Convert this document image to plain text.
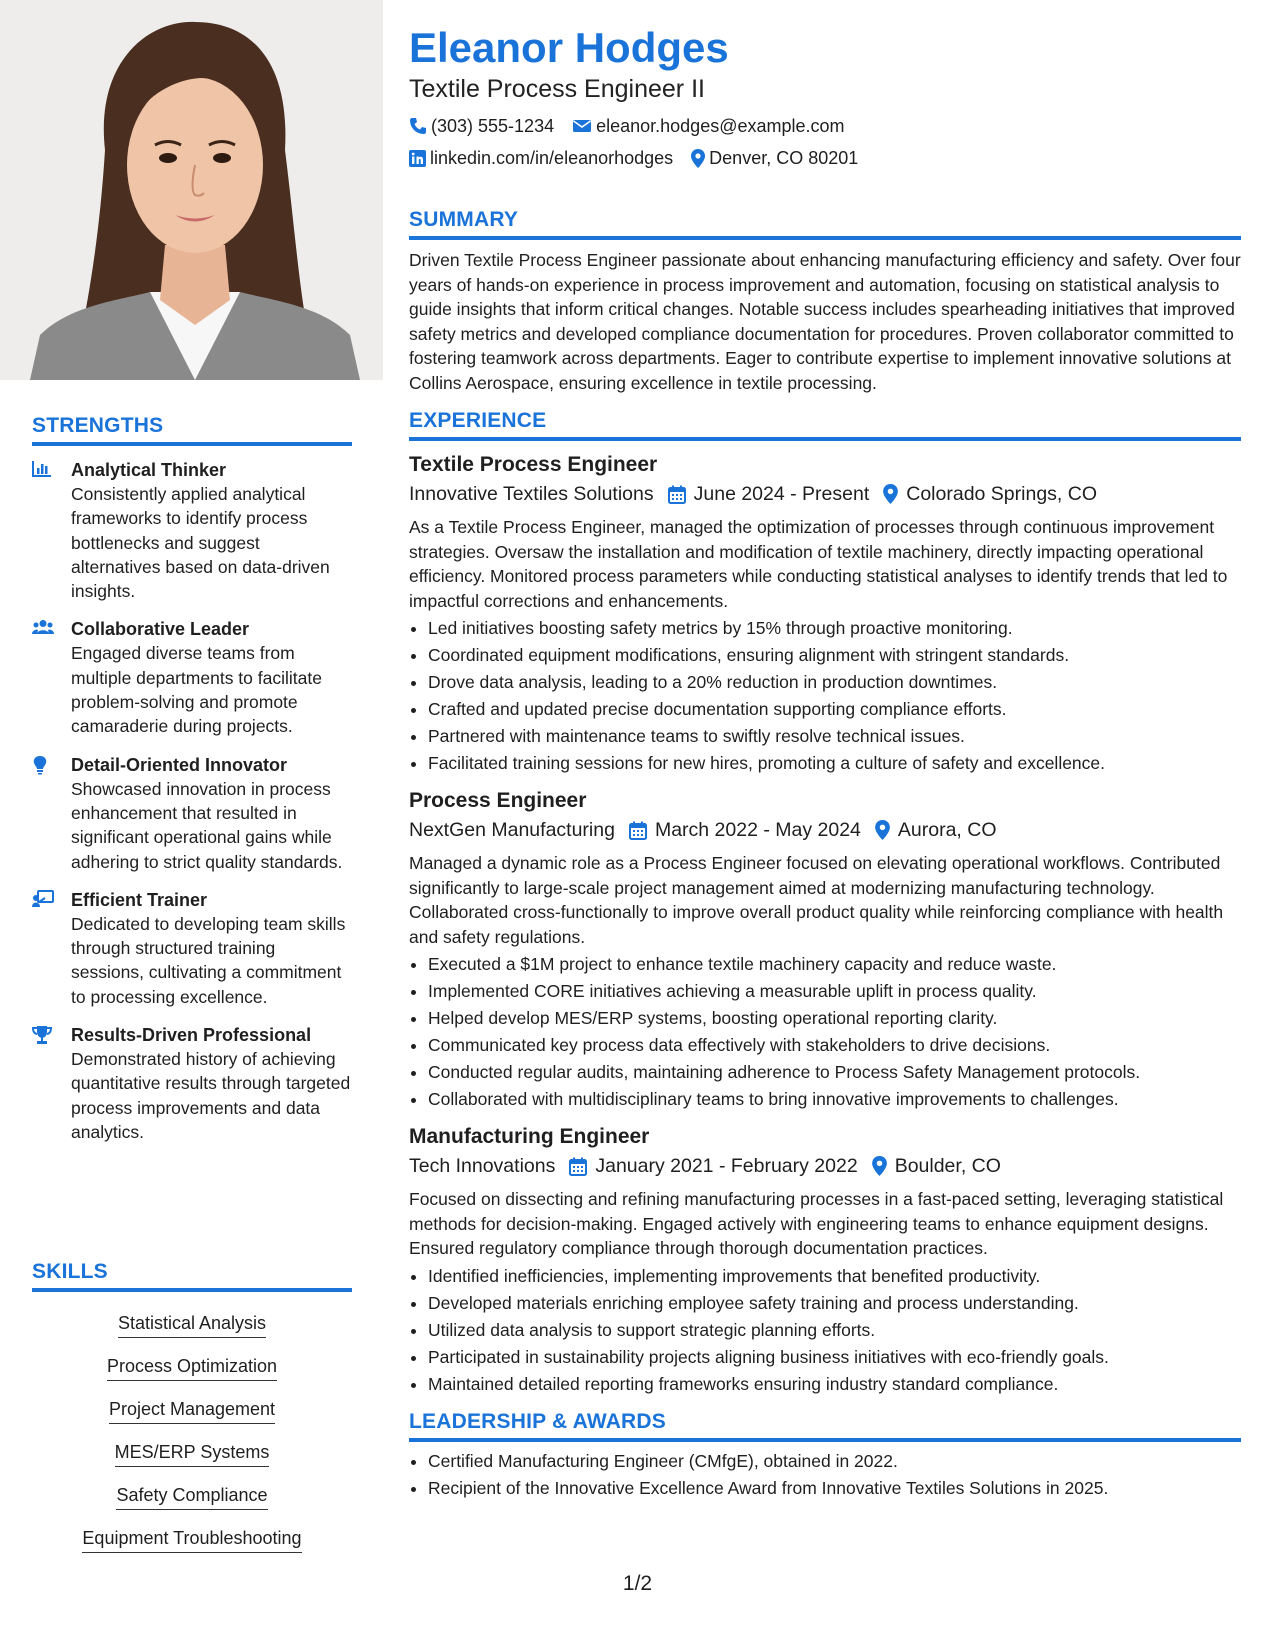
STRENGTHS
Analytical Thinker
Consistently applied analytical frameworks to identify process bottlenecks and suggest alternatives based on data-driven insights.
Collaborative Leader
Engaged diverse teams from multiple departments to facilitate problem-solving and promote camaraderie during projects.
Detail-Oriented Innovator
Showcased innovation in process enhancement that resulted in significant operational gains while adhering to strict quality standards.
Efficient Trainer
Dedicated to developing team skills through structured training sessions, cultivating a commitment to processing excellence.
Results-Driven Professional
Demonstrated history of achieving quantitative results through targeted process improvements and data analytics.
SKILLS
Statistical Analysis
Process Optimization
Project Management
MES/ERP Systems
Safety Compliance
Equipment Troubleshooting
Eleanor Hodges
Textile Process Engineer II
(303) 555-1234 eleanor.hodges@example.com
linkedin.com/in/eleanorhodges Denver, CO 80201
SUMMARY

Driven Textile Process Engineer passionate about enhancing manufacturing efficiency and safety. Over four years of hands-on experience in process improvement and automation, focusing on statistical analysis to guide insights that inform critical changes. Notable success includes spearheading initiatives that improved safety metrics and developed compliance documentation for procedures. Proven collaborator committed to fostering teamwork across departments. Eager to contribute expertise to implement innovative solutions at Collins Aerospace, ensuring excellence in textile processing.

EXPERIENCE
Textile Process Engineer
Innovative Textiles Solutions June 2024 - Present Colorado Springs, CO
As a Textile Process Engineer, managed the optimization of processes through continuous improvement strategies. Oversaw the installation and modification of textile machinery, directly impacting operational efficiency. Monitored process parameters while conducting statistical analyses to identify trends that led to impactful corrections and enhancements.
• Led initiatives boosting safety metrics by 15% through proactive monitoring.
• Coordinated equipment modifications, ensuring alignment with stringent standards.
• Drove data analysis, leading to a 20% reduction in production downtimes.
• Crafted and updated precise documentation supporting compliance efforts.
• Partnered with maintenance teams to swiftly resolve technical issues.
• Facilitated training sessions for new hires, promoting a culture of safety and excellence.
Process Engineer
NextGen Manufacturing March 2022 - May 2024 Aurora, CO
Managed a dynamic role as a Process Engineer focused on elevating operational workflows. Contributed significantly to large-scale project management aimed at modernizing manufacturing technology. Collaborated cross-functionally to improve overall product quality while reinforcing compliance with health and safety regulations.
• Executed a $1M project to enhance textile machinery capacity and reduce waste.
• Implemented CORE initiatives achieving a measurable uplift in process quality.
• Helped develop MES/ERP systems, boosting operational reporting clarity.
• Communicated key process data effectively with stakeholders to drive decisions.
• Conducted regular audits, maintaining adherence to Process Safety Management protocols.
• Collaborated with multidisciplinary teams to bring innovative improvements to challenges.
Manufacturing Engineer
Tech Innovations January 2021 - February 2022 Boulder, CO
Focused on dissecting and refining manufacturing processes in a fast-paced setting, leveraging statistical methods for decision-making. Engaged actively with engineering teams to enhance equipment designs. Ensured regulatory compliance through thorough documentation practices.
• Identified inefficiencies, implementing improvements that benefited productivity.
• Developed materials enriching employee safety training and process understanding.
• Utilized data analysis to support strategic planning efforts.
• Participated in sustainability projects aligning business initiatives with eco-friendly goals.
• Maintained detailed reporting frameworks ensuring industry standard compliance.
LEADERSHIP & AWARDS
• Certified Manufacturing Engineer (CMfgE), obtained in 2022.
• Recipient of the Innovative Excellence Award from Innovative Textiles Solutions in 2025.
1/2
